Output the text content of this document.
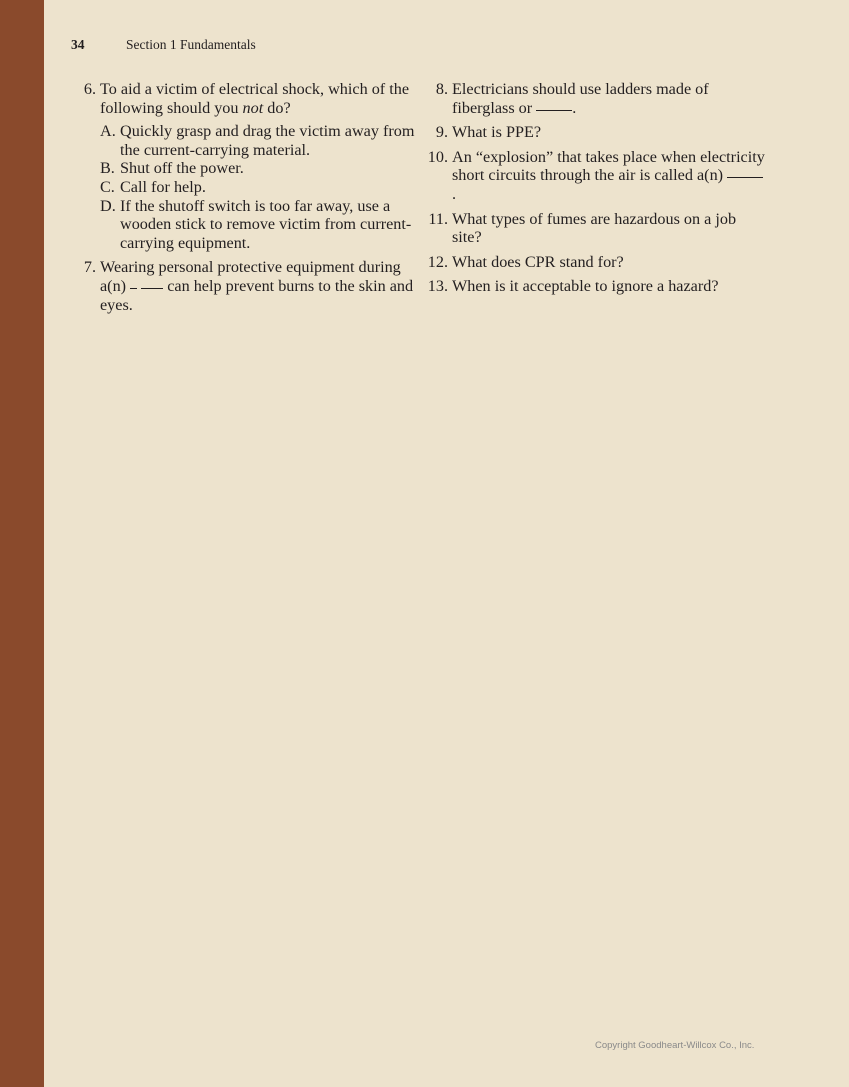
34	Section 1 Fundamentals
6. To aid a victim of electrical shock, which of the following should you not do?
A. Quickly grasp and drag the victim away from the current-carrying material.
B. Shut off the power.
C. Call for help.
D. If the shutoff switch is too far away, use a wooden stick to remove victim from current-carrying equipment.
7. Wearing personal protective equipment during a(n)   can help prevent burns to the skin and eyes.
8. Electricians should use ladders made of fiberglass or .
9. What is PPE?
10. An “explosion” that takes place when electricity short circuits through the air is called a(n) .
11. What types of fumes are hazardous on a job site?
12. What does CPR stand for?
13. When is it acceptable to ignore a hazard?
Copyright Goodheart-Willcox Co., Inc.
